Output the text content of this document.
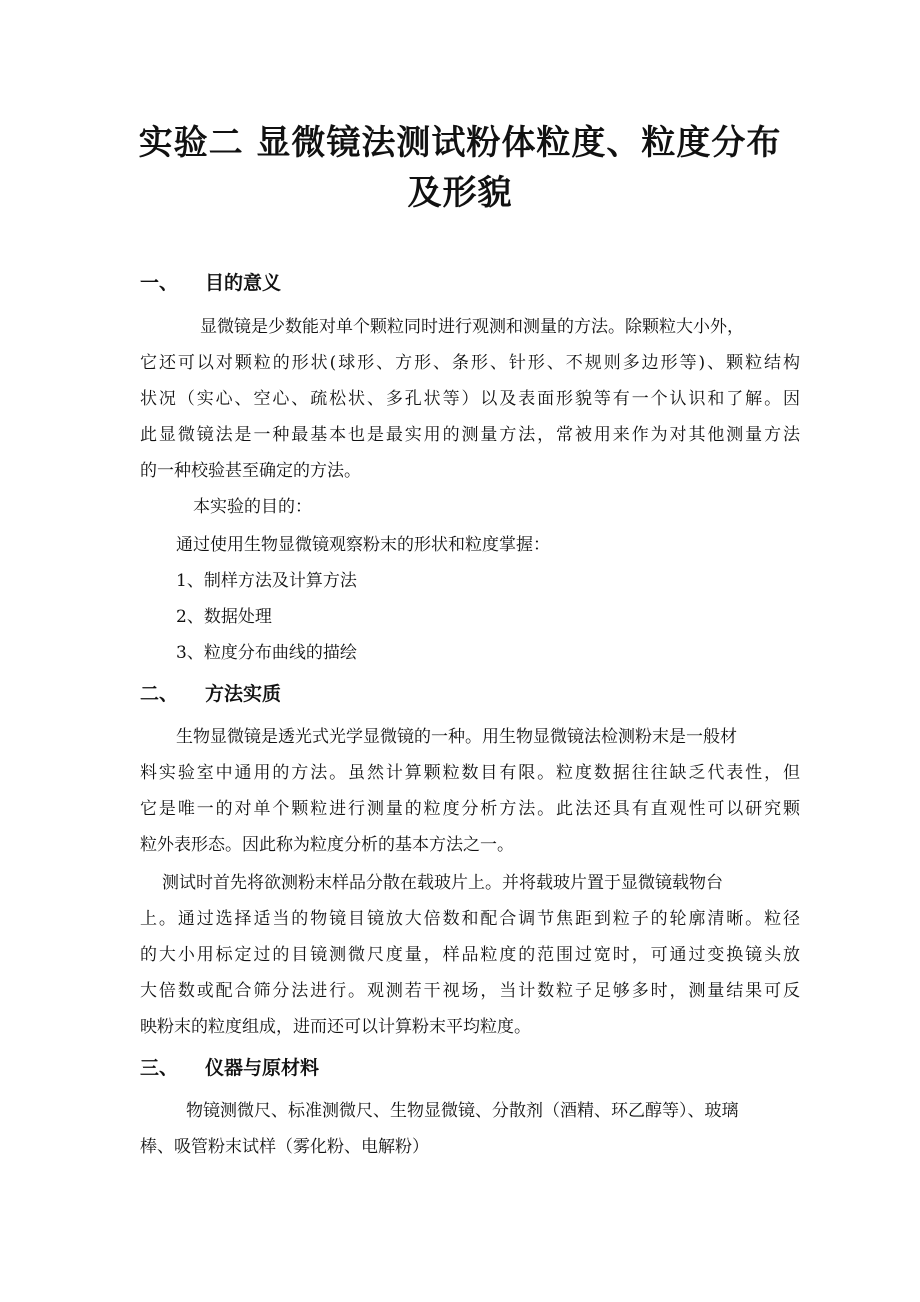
实验二 显微镜法测试粉体粒度、粒度分布
及形貌
一、 目的意义
显微镜是少数能对单个颗粒同时进行观测和测量的方法。除颗粒大小外，
它还可以对颗粒的形状(球形、方形、条形、针形、不规则多边形等)、颗粒结构
状况（实心、空心、疏松状、多孔状等）以及表面形貌等有一个认识和了解。因
此显微镜法是一种最基本也是最实用的测量方法，常被用来作为对其他测量方法
的一种校验甚至确定的方法。
本实验的目的：
通过使用生物显微镜观察粉末的形状和粒度掌握：
1、制样方法及计算方法
2、数据处理
3、粒度分布曲线的描绘
二、 方法实质
生物显微镜是透光式光学显微镜的一种。用生物显微镜法检测粉末是一般材
料实验室中通用的方法。虽然计算颗粒数目有限。粒度数据往往缺乏代表性，但
它是唯一的对单个颗粒进行测量的粒度分析方法。此法还具有直观性可以研究颗
粒外表形态。因此称为粒度分析的基本方法之一。
测试时首先将欲测粉末样品分散在载玻片上。并将载玻片置于显微镜载物台
上。通过选择适当的物镜目镜放大倍数和配合调节焦距到粒子的轮廓清晰。粒径
的大小用标定过的目镜测微尺度量，样品粒度的范围过宽时，可通过变换镜头放
大倍数或配合筛分法进行。观测若干视场，当计数粒子足够多时，测量结果可反
映粉末的粒度组成，进而还可以计算粉末平均粒度。
三、 仪器与原材料
物镜测微尺、标准测微尺、生物显微镜、分散剂（酒精、环乙醇等）、玻璃
棒、吸管粉末试样（雾化粉、电解粉）
